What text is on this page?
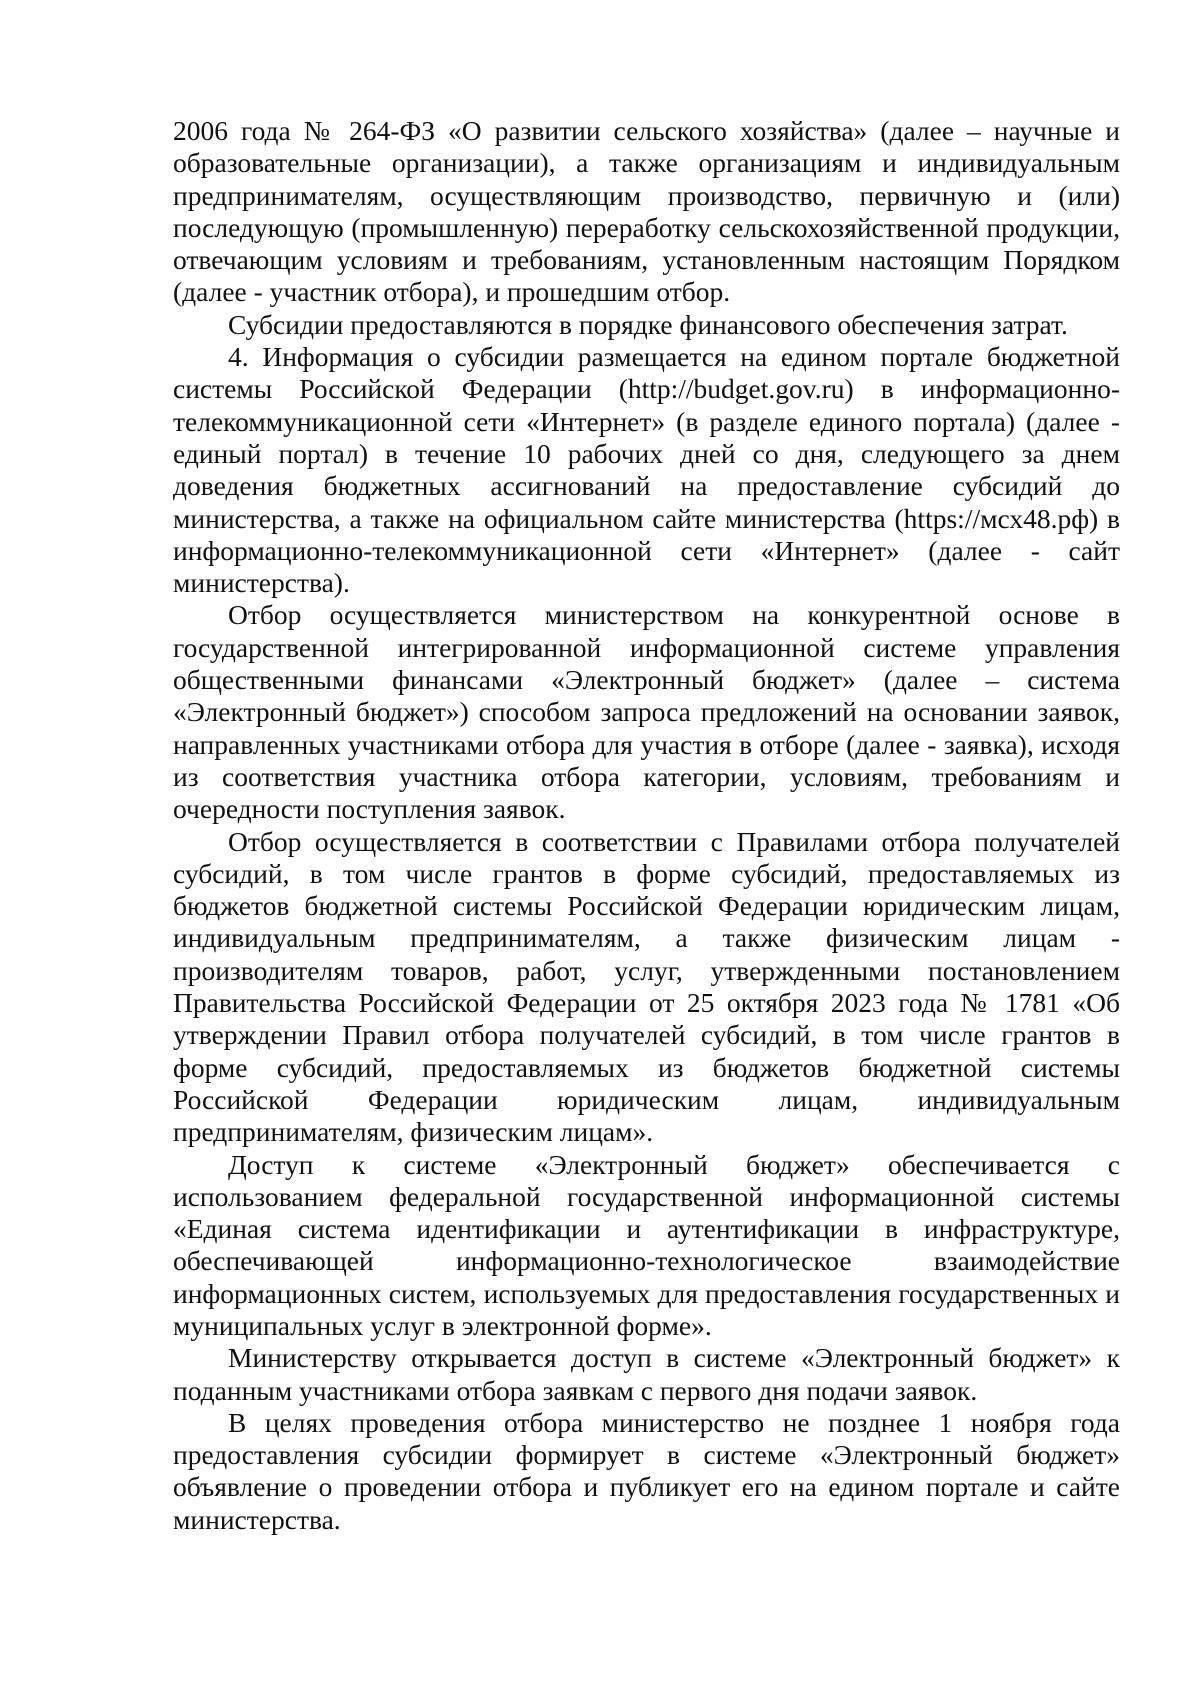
2006 года № 264-ФЗ «О развитии сельского хозяйства» (далее – научные и образовательные организации), а также организациям и индивидуальным предпринимателям, осуществляющим производство, первичную и (или) последующую (промышленную) переработку сельскохозяйственной продукции, отвечающим условиям и требованиям, установленным настоящим Порядком (далее - участник отбора), и прошедшим отбор.

Субсидии предоставляются в порядке финансового обеспечения затрат.

4. Информация о субсидии размещается на едином портале бюджетной системы Российской Федерации (http://budget.gov.ru) в информационно-телекоммуникационной сети «Интернет» (в разделе единого портала) (далее - единый портал) в течение 10 рабочих дней со дня, следующего за днем доведения бюджетных ассигнований на предоставление субсидий до министерства, а также на официальном сайте министерства (https://мсх48.рф) в информационно-телекоммуникационной сети «Интернет» (далее - сайт министерства).

Отбор осуществляется министерством на конкурентной основе в государственной интегрированной информационной системе управления общественными финансами «Электронный бюджет» (далее – система «Электронный бюджет») способом запроса предложений на основании заявок, направленных участниками отбора для участия в отборе (далее - заявка), исходя из соответствия участника отбора категории, условиям, требованиям и очередности поступления заявок.

Отбор осуществляется в соответствии с Правилами отбора получателей субсидий, в том числе грантов в форме субсидий, предоставляемых из бюджетов бюджетной системы Российской Федерации юридическим лицам, индивидуальным предпринимателям, а также физическим лицам - производителям товаров, работ, услуг, утвержденными постановлением Правительства Российской Федерации от 25 октября 2023 года № 1781 «Об утверждении Правил отбора получателей субсидий, в том числе грантов в форме субсидий, предоставляемых из бюджетов бюджетной системы Российской Федерации юридическим лицам, индивидуальным предпринимателям, физическим лицам».

Доступ к системе «Электронный бюджет» обеспечивается с использованием федеральной государственной информационной системы «Единая система идентификации и аутентификации в инфраструктуре, обеспечивающей информационно-технологическое взаимодействие информационных систем, используемых для предоставления государственных и муниципальных услуг в электронной форме».

Министерству открывается доступ в системе «Электронный бюджет» к поданным участниками отбора заявкам с первого дня подачи заявок.

В целях проведения отбора министерство не позднее 1 ноября года предоставления субсидии формирует в системе «Электронный бюджет» объявление о проведении отбора и публикует его на едином портале и сайте министерства.
